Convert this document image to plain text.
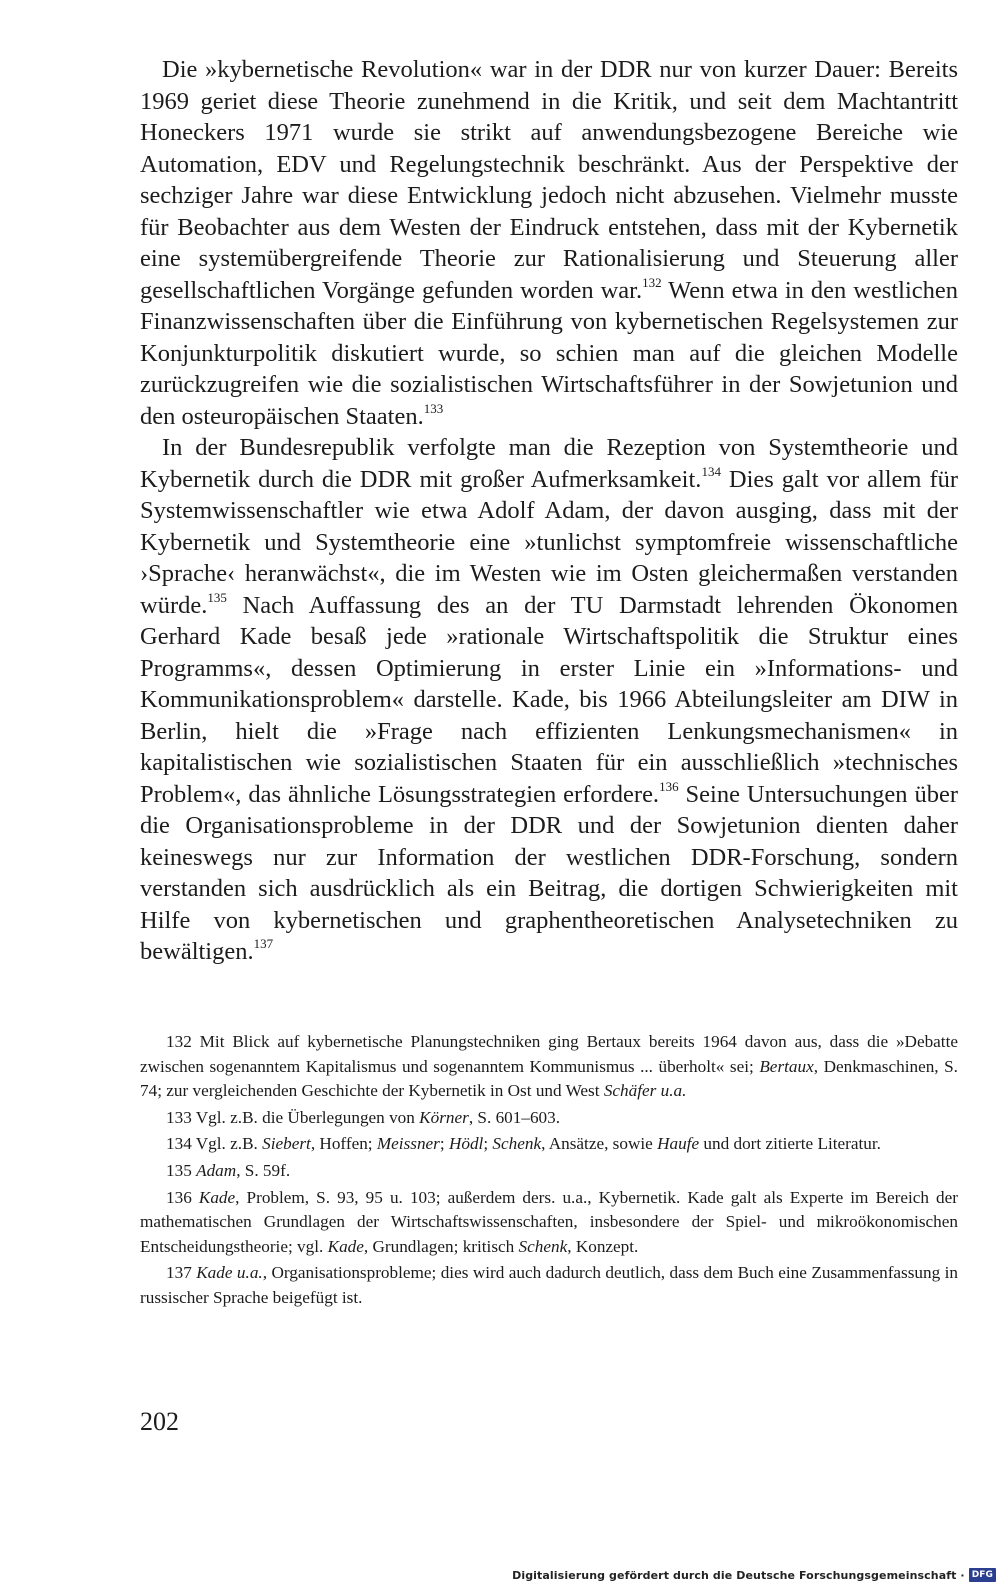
Die »kybernetische Revolution« war in der DDR nur von kurzer Dauer: Bereits 1969 geriet diese Theorie zunehmend in die Kritik, und seit dem Machtantritt Honeckers 1971 wurde sie strikt auf anwendungsbezogene Bereiche wie Automation, EDV und Regelungstechnik beschränkt. Aus der Perspektive der sechziger Jahre war diese Entwicklung jedoch nicht abzusehen. Vielmehr musste für Beobachter aus dem Westen der Eindruck entstehen, dass mit der Kybernetik eine systemübergreifende Theorie zur Rationalisierung und Steuerung aller gesellschaftlichen Vorgänge gefunden worden war.$^{132}$ Wenn etwa in den westlichen Finanzwissenschaften über die Einführung von kybernetischen Regelsystemen zur Konjunkturpolitik diskutiert wurde, so schien man auf die gleichen Modelle zurückzugreifen wie die sozialistischen Wirtschaftsführer in der Sowjetunion und den osteuropäischen Staaten.$^{133}$

In der Bundesrepublik verfolgte man die Rezeption von Systemtheorie und Kybernetik durch die DDR mit großer Aufmerksamkeit.$^{134}$ Dies galt vor allem für Systemwissenschaftler wie etwa Adolf Adam, der davon ausging, dass mit der Kybernetik und Systemtheorie eine »tunlichst symptomfreie wissenschaftliche ›Sprache‹ heranwächst«, die im Westen wie im Osten gleichermaßen verstanden würde.$^{135}$ Nach Auffassung des an der TU Darmstadt lehrenden Ökonomen Gerhard Kade besaß jede »rationale Wirtschaftspolitik die Struktur eines Programms«, dessen Optimierung in erster Linie ein »Informations- und Kommunikationsproblem« darstelle. Kade, bis 1966 Abteilungsleiter am DIW in Berlin, hielt die »Frage nach effizienten Lenkungsmechanismen« in kapitalistischen wie sozialistischen Staaten für ein ausschließlich »technisches Problem«, das ähnliche Lösungsstrategien erfordere.$^{136}$ Seine Untersuchungen über die Organisationsprobleme in der DDR und der Sowjetunion dienten daher keineswegs nur zur Information der westlichen DDR-Forschung, sondern verstanden sich ausdrücklich als ein Beitrag, die dortigen Schwierigkeiten mit Hilfe von kybernetischen und graphentheoretischen Analysetechniken zu bewältigen.$^{137}$

132 Mit Blick auf kybernetische Planungstechniken ging Bertaux bereits 1964 davon aus, dass die »Debatte zwischen sogenanntem Kapitalismus und sogenanntem Kommunismus ... überholt« sei; Bertaux, Denkmaschinen, S. 74; zur vergleichenden Geschichte der Kybernetik in Ost und West Schäfer u.a.

133 Vgl. z.B. die Überlegungen von Körner, S. 601–603.

134 Vgl. z.B. Siebert, Hoffen; Meissner; Hödl; Schenk, Ansätze, sowie Haufe und dort zitierte Literatur.

135 Adam, S. 59f.

136 Kade, Problem, S. 93, 95 u. 103; außerdem ders. u.a., Kybernetik. Kade galt als Experte im Bereich der mathematischen Grundlagen der Wirtschaftswissenschaften, insbesondere der Spiel- und mikroökonomischen Entscheidungstheorie; vgl. Kade, Grundlagen; kritisch Schenk, Konzept.

137 Kade u.a., Organisationsprobleme; dies wird auch dadurch deutlich, dass dem Buch eine Zusammenfassung in russischer Sprache beigefügt ist.

202
Digitalisierung gefördert durch die Deutsche Forschungsgemeinschaft · DFG
